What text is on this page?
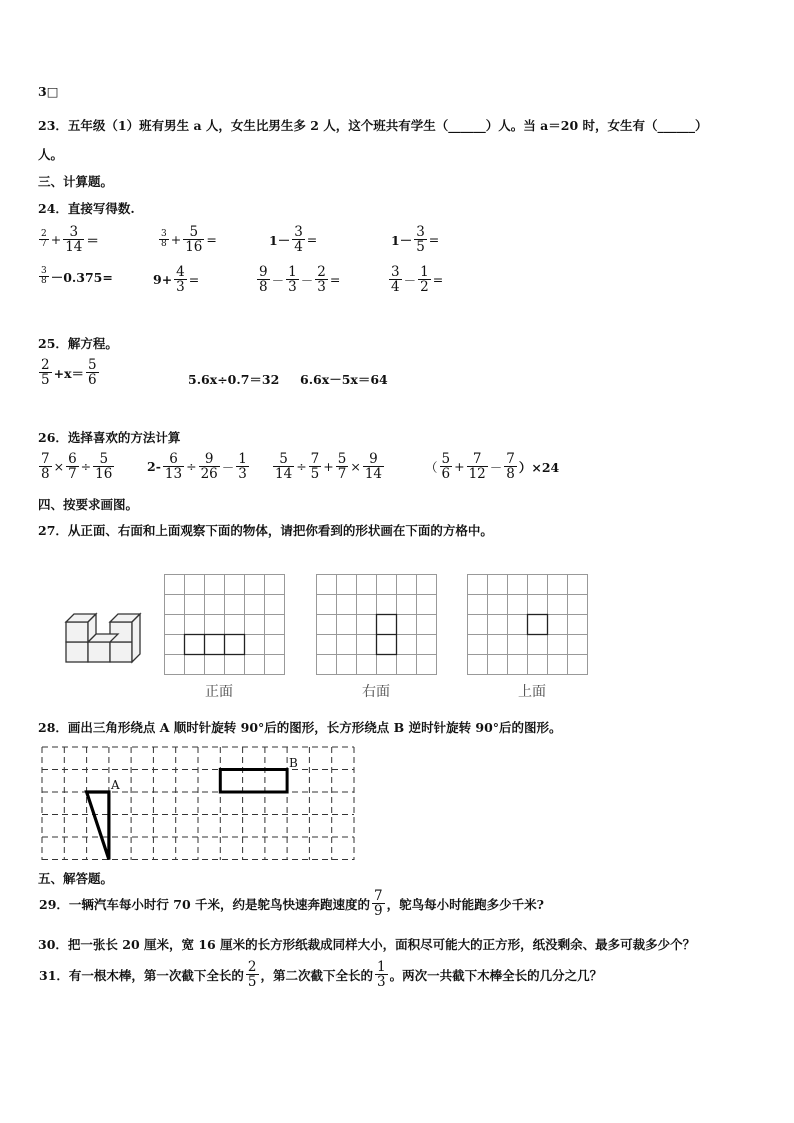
3□
23．五年级（1）班有男生 a 人，女生比男生多 2 人，这个班共有学生（______）人。当 a＝20 时，女生有（______）
人。
三、计算题。
24．直接写得数.
$\frac{2}{7} + \frac{3}{14}$ ＝	$\frac{3}{8} + \frac{5}{16}$ =	$1- \frac{3}{4}$ =	$1- \frac{3}{5}$ =
$\frac{3}{8} -0.375=$	$9+ \frac{4}{3}$ =	$\frac{9}{8} - \frac{1}{3} - \frac{2}{3}$ =	$\frac{3}{4} - \frac{1}{2}$ =
25．解方程。
$\frac{2}{5} +x= \frac{5}{6}$	5.6x÷0.7＝32 6.6x－5x＝64
26．选择喜欢的方法计算
$\frac{7}{8} \times \frac{6}{7} \div \frac{5}{16}$	$2- \frac{6}{13} \div \frac{9}{26} - \frac{1}{3} \frac{5}{14} \div \frac{7}{5} + \frac{5}{7} \times \frac{9}{14}$	（ $\frac{5}{6} + \frac{7}{12} - \frac{7}{8} )\times 24$
四、按要求画图。
27．从正面、右面和上面观察下面的物体，请把你看到的形状画在下面的方格中。
正面	右面	上面
28．画出三角形绕点 A 顺时针旋转 90°后的图形，长方形绕点 B 逆时针旋转 90°后的图形。
A
B
五、解答题。
29．一辆汽车每小时行 70 千米，约是鸵鸟快速奔跑速度的 $\frac{7}{9}$ ，鸵鸟每小时能跑多少千米?
30．把一张长 20 厘米，宽 16 厘米的长方形纸裁成同样大小，面积尽可能大的正方形，纸没剩余、最多可裁多少个？
31．有一根木棒，第一次截下全长的 $\frac{2}{5}$ ，第二次截下全长的 $\frac{1}{3}$ 。两次一共截下木棒全长的几分之几？
